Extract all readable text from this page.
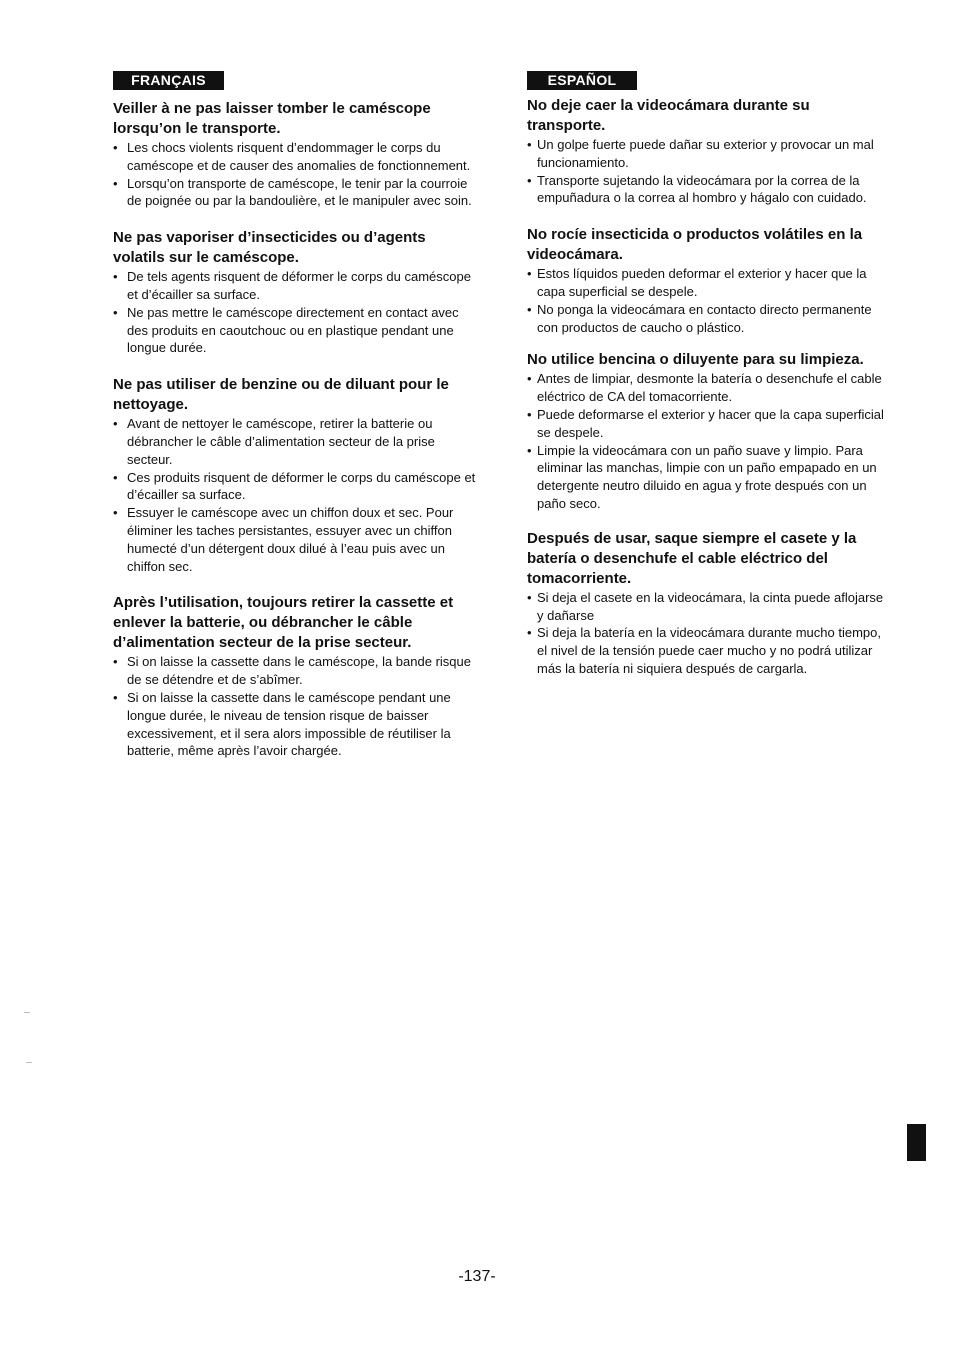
FRANÇAIS
Veiller à ne pas laisser tomber le caméscope lorsqu’on le transporte.
• Les chocs violents risquent d’endommager le corps du caméscope et de causer des anomalies de fonctionnement.
• Lorsqu’on transporte de caméscope, le tenir par la courroie de poignée ou par la bandoulière, et le manipuler avec soin.
Ne pas vaporiser d’insecticides ou d’agents volatils sur le caméscope.
• De tels agents risquent de déformer le corps du caméscope et d’écailler sa surface.
• Ne pas mettre le caméscope directement en contact avec des produits en caoutchouc ou en plastique pendant une longue durée.
Ne pas utiliser de benzine ou de diluant pour le nettoyage.
• Avant de nettoyer le caméscope, retirer la batterie ou débrancher le câble d’alimentation secteur de la prise secteur.
• Ces produits risquent de déformer le corps du caméscope et d’écailler sa surface.
• Essuyer le caméscope avec un chiffon doux et sec. Pour éliminer les taches persistantes, essuyer avec un chiffon humecté d’un détergent doux dilué à l’eau puis avec un chiffon sec.
Après l’utilisation, toujours retirer la cassette et enlever la batterie, ou débrancher le câble d’alimentation secteur de la prise secteur.
• Si on laisse la cassette dans le caméscope, la bande risque de se détendre et de s’abîmer.
• Si on laisse la cassette dans le caméscope pendant une longue durée, le niveau de tension risque de baisser excessivement, et il sera alors impossible de réutiliser la batterie, même après l’avoir chargée.
ESPAÑOL
No deje caer la videocámara durante su transporte.
• Un golpe fuerte puede dañar su exterior y provocar un mal funcionamiento.
• Transporte sujetando la videocámara por la correa de la empuñadura o la correa al hombro y hágalo con cuidado.
No rocíe insecticida o productos volátiles en la videocámara.
• Estos líquidos pueden deformar el exterior y hacer que la capa superficial se despele.
• No ponga la videocámara en contacto directo permanente con productos de caucho o plástico.
No utilice bencina o diluyente para su limpieza.
• Antes de limpiar, desmonte la batería o desenchufe el cable eléctrico de CA del tomacorriente.
• Puede deformarse el exterior y hacer que la capa superficial se despele.
• Limpie la videocámara con un paño suave y limpio. Para eliminar las manchas, limpie con un paño empapado en un detergente neutro diluido en agua y frote después con un paño seco.
Después de usar, saque siempre el casete y la batería o desenchufe el cable eléctrico del tomacorriente.
• Si deja el casete en la videocámara, la cinta puede aflojarse y dañarse
• Si deja la batería en la videocámara durante mucho tiempo, el nivel de la tensión puede caer mucho y no podrá utilizar más la batería ni siquiera después de cargarla.
-137-
